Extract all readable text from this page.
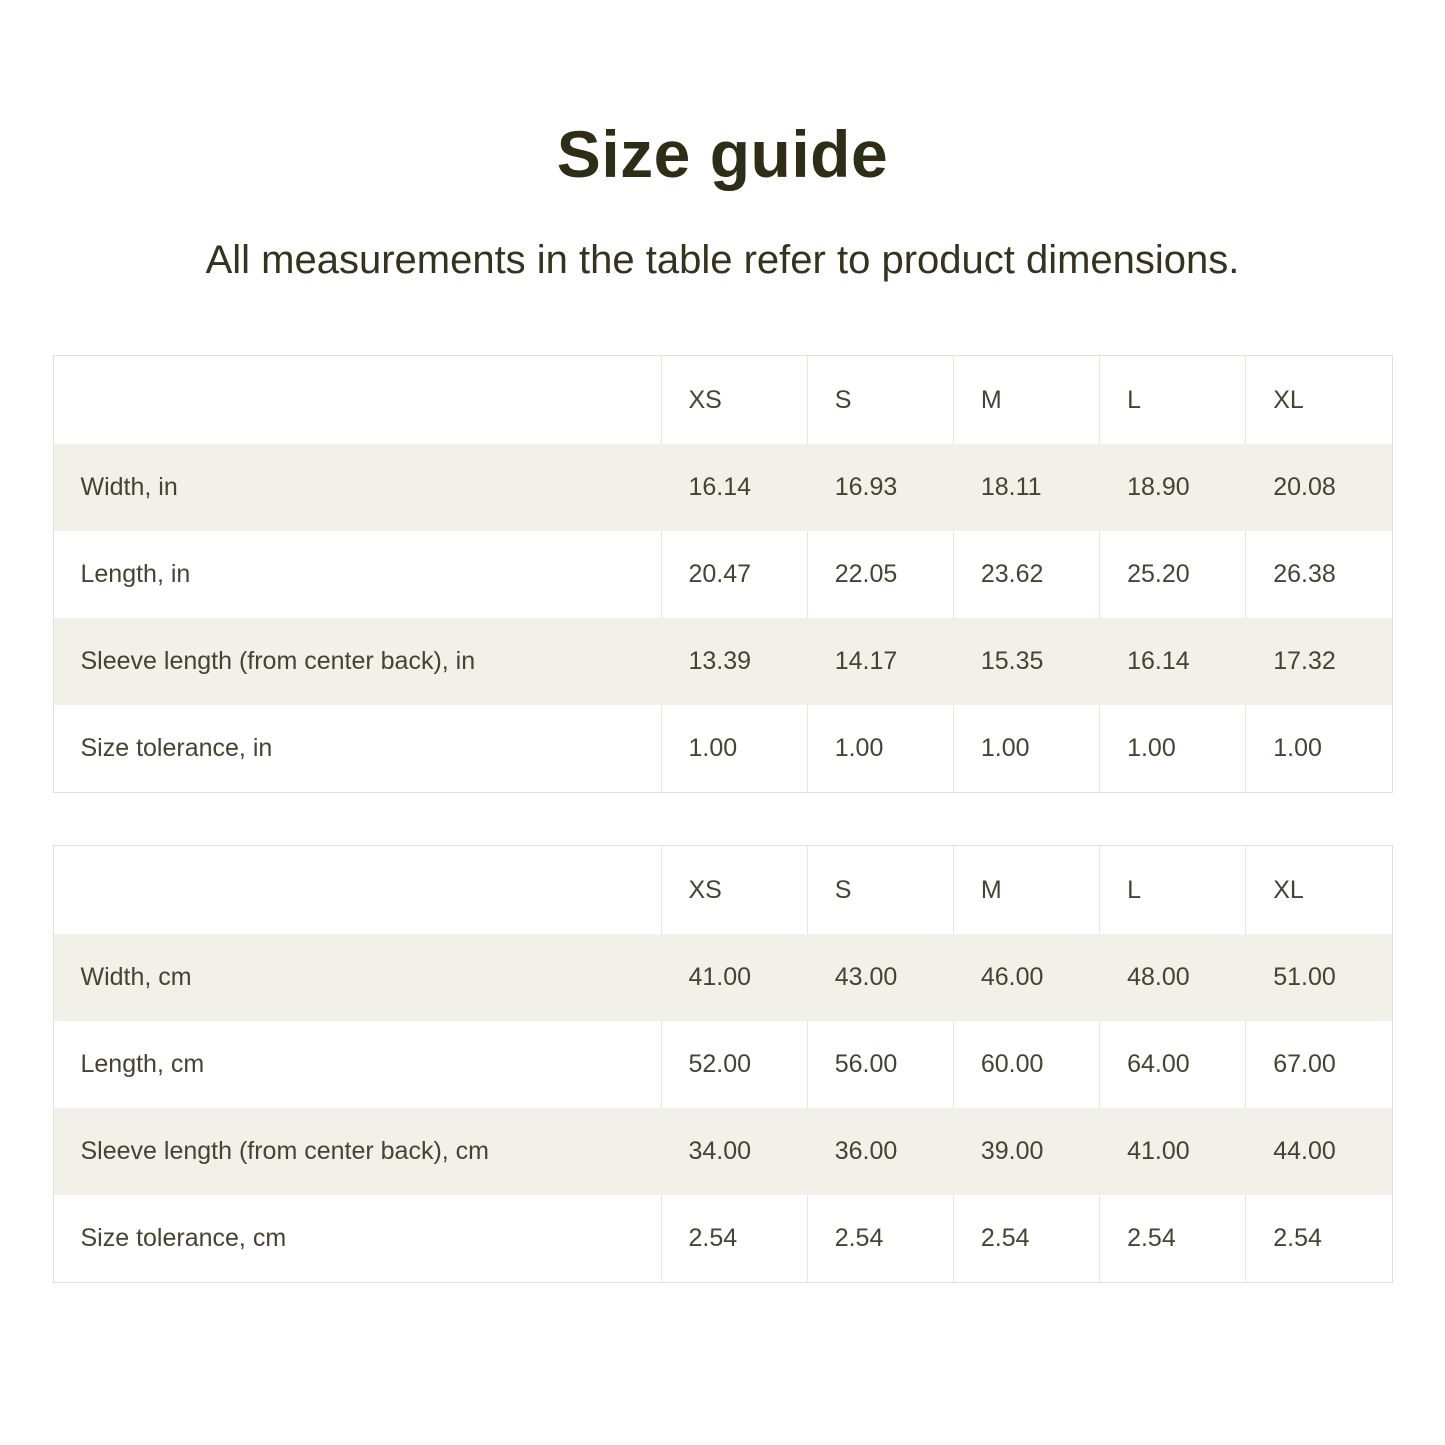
Size guide

All measurements in the table refer to product dimensions.

	XS	S	M	L	XL
Width, in	16.14	16.93	18.11	18.90	20.08
Length, in	20.47	22.05	23.62	25.20	26.38
Sleeve length (from center back), in	13.39	14.17	15.35	16.14	17.32
Size tolerance, in	1.00	1.00	1.00	1.00	1.00
	XS	S	M	L	XL
Width, cm	41.00	43.00	46.00	48.00	51.00
Length, cm	52.00	56.00	60.00	64.00	67.00
Sleeve length (from center back), cm	34.00	36.00	39.00	41.00	44.00
Size tolerance, cm	2.54	2.54	2.54	2.54	2.54
